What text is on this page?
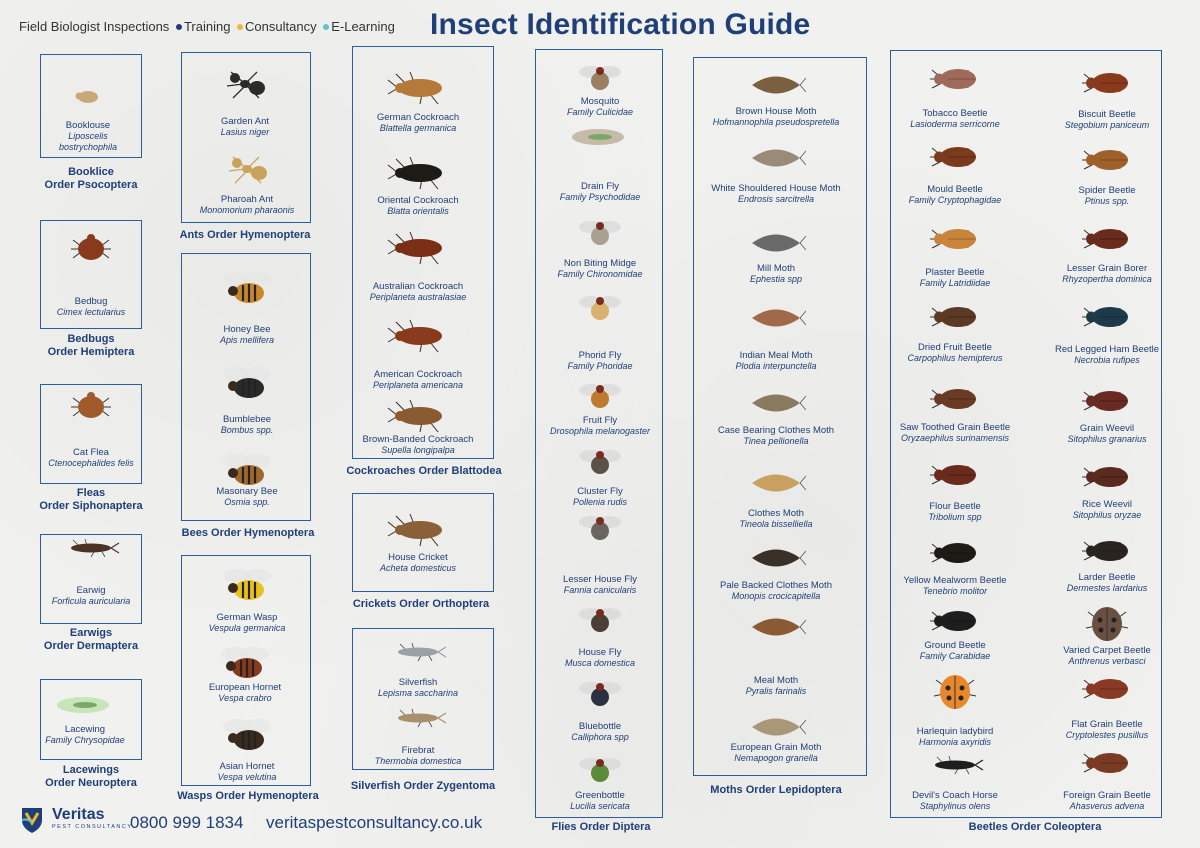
Field Biologist Inspections Training Consultancy E-Learning Insect Identification Guide
Booklice
Order Psocoptera
Bedbugs
Order Hemiptera
Fleas
Order Siphonaptera
Earwigs
Order Dermaptera
Lacewings
Order Neuroptera
Ants Order Hymenoptera
Bees Order Hymenoptera
Wasps Order Hymenoptera
Cockroaches Order Blattodea
Crickets Order Orthoptera
Silverfish Order Zygentoma
Flies Order Diptera
Moths Order Lepidoptera
Beetles Order Coleoptera
Booklouse
Liposcelis
bostrychophila
Bedbug
Cimex lectularius
Cat Flea
Ctenocephalides felis
Earwig
Forficula auricularia
Lacewing
Family Chrysopidae
Garden Ant
Lasius niger
Pharoah Ant
Monomorium pharaonis
Honey Bee
Apis mellifera
Bumblebee
Bombus spp.
Masonary Bee
Osmia spp.
German Wasp
Vespula germanica
European Hornet
Vespa crabro
Asian Hornet
Vespa velutina
German Cockroach
Blattella germanica
Oriental Cockroach
Blatta orientalis
Australian Cockroach
Periplaneta australasiae
American Cockroach
Periplaneta americana
Brown-Banded Cockroach
Supella longipalpa
House Cricket
Acheta domesticus
Silverfish
Lepisma saccharina
Firebrat
Thermobia domestica
Mosquito
Family Culicidae
Drain Fly
Family Psychodidae
Non Biting Midge
Family Chironomidae
Phorid Fly
Family Phoridae
Fruit Fly
Drosophila melanogaster
Cluster Fly
Pollenia rudis
Lesser House Fly
Fannia canicularis
House Fly
Musca domestica
Bluebottle
Calliphora spp
Greenbottle
Lucilia sericata
Brown House Moth
Hofmannophila pseudospretella
White Shouldered House Moth
Endrosis sarcitrella
Mill Moth
Ephestia spp
Indian Meal Moth
Plodia interpunctella
Case Bearing Clothes Moth
Tinea pellionella
Clothes Moth
Tineola bisselliella
Pale Backed Clothes Moth
Monopis crocicapitella
Meal Moth
Pyralis farinalis
European Grain Moth
Nemapogon granella
Tobacco Beetle
Lasioderma serricorne
Mould Beetle
Family Cryptophagidae
Plaster Beetle
Family Latridiidae
Dried Fruit Beetle
Carpophilus hemipterus
Saw Toothed Grain Beetle
Oryzaephilus surinamensis
Flour Beetle
Tribolium spp
Yellow Mealworm Beetle
Tenebrio molitor
Ground Beetle
Family Carabidae
Harlequin ladybird
Harmonia axyridis
Devil's Coach Horse
Staphylinus olens
Biscuit Beetle
Stegobium paniceum
Spider Beetle
Ptinus spp.
Lesser Grain Borer
Rhyzopertha dominica
Red Legged Ham Beetle
Necrobia rufipes
Grain Weevil
Sitophilus granarius
Rice Weevil
Sitophilus oryzae
Larder Beetle
Dermestes lardarius
Varied Carpet Beetle
Anthrenus verbasci
Flat Grain Beetle
Cryptolestes pusillus
Foreign Grain Beetle
Ahasverus advena
Veritas
PEST CONSULTANCY
0800 999 1834 veritaspestconsultancy.co.uk
